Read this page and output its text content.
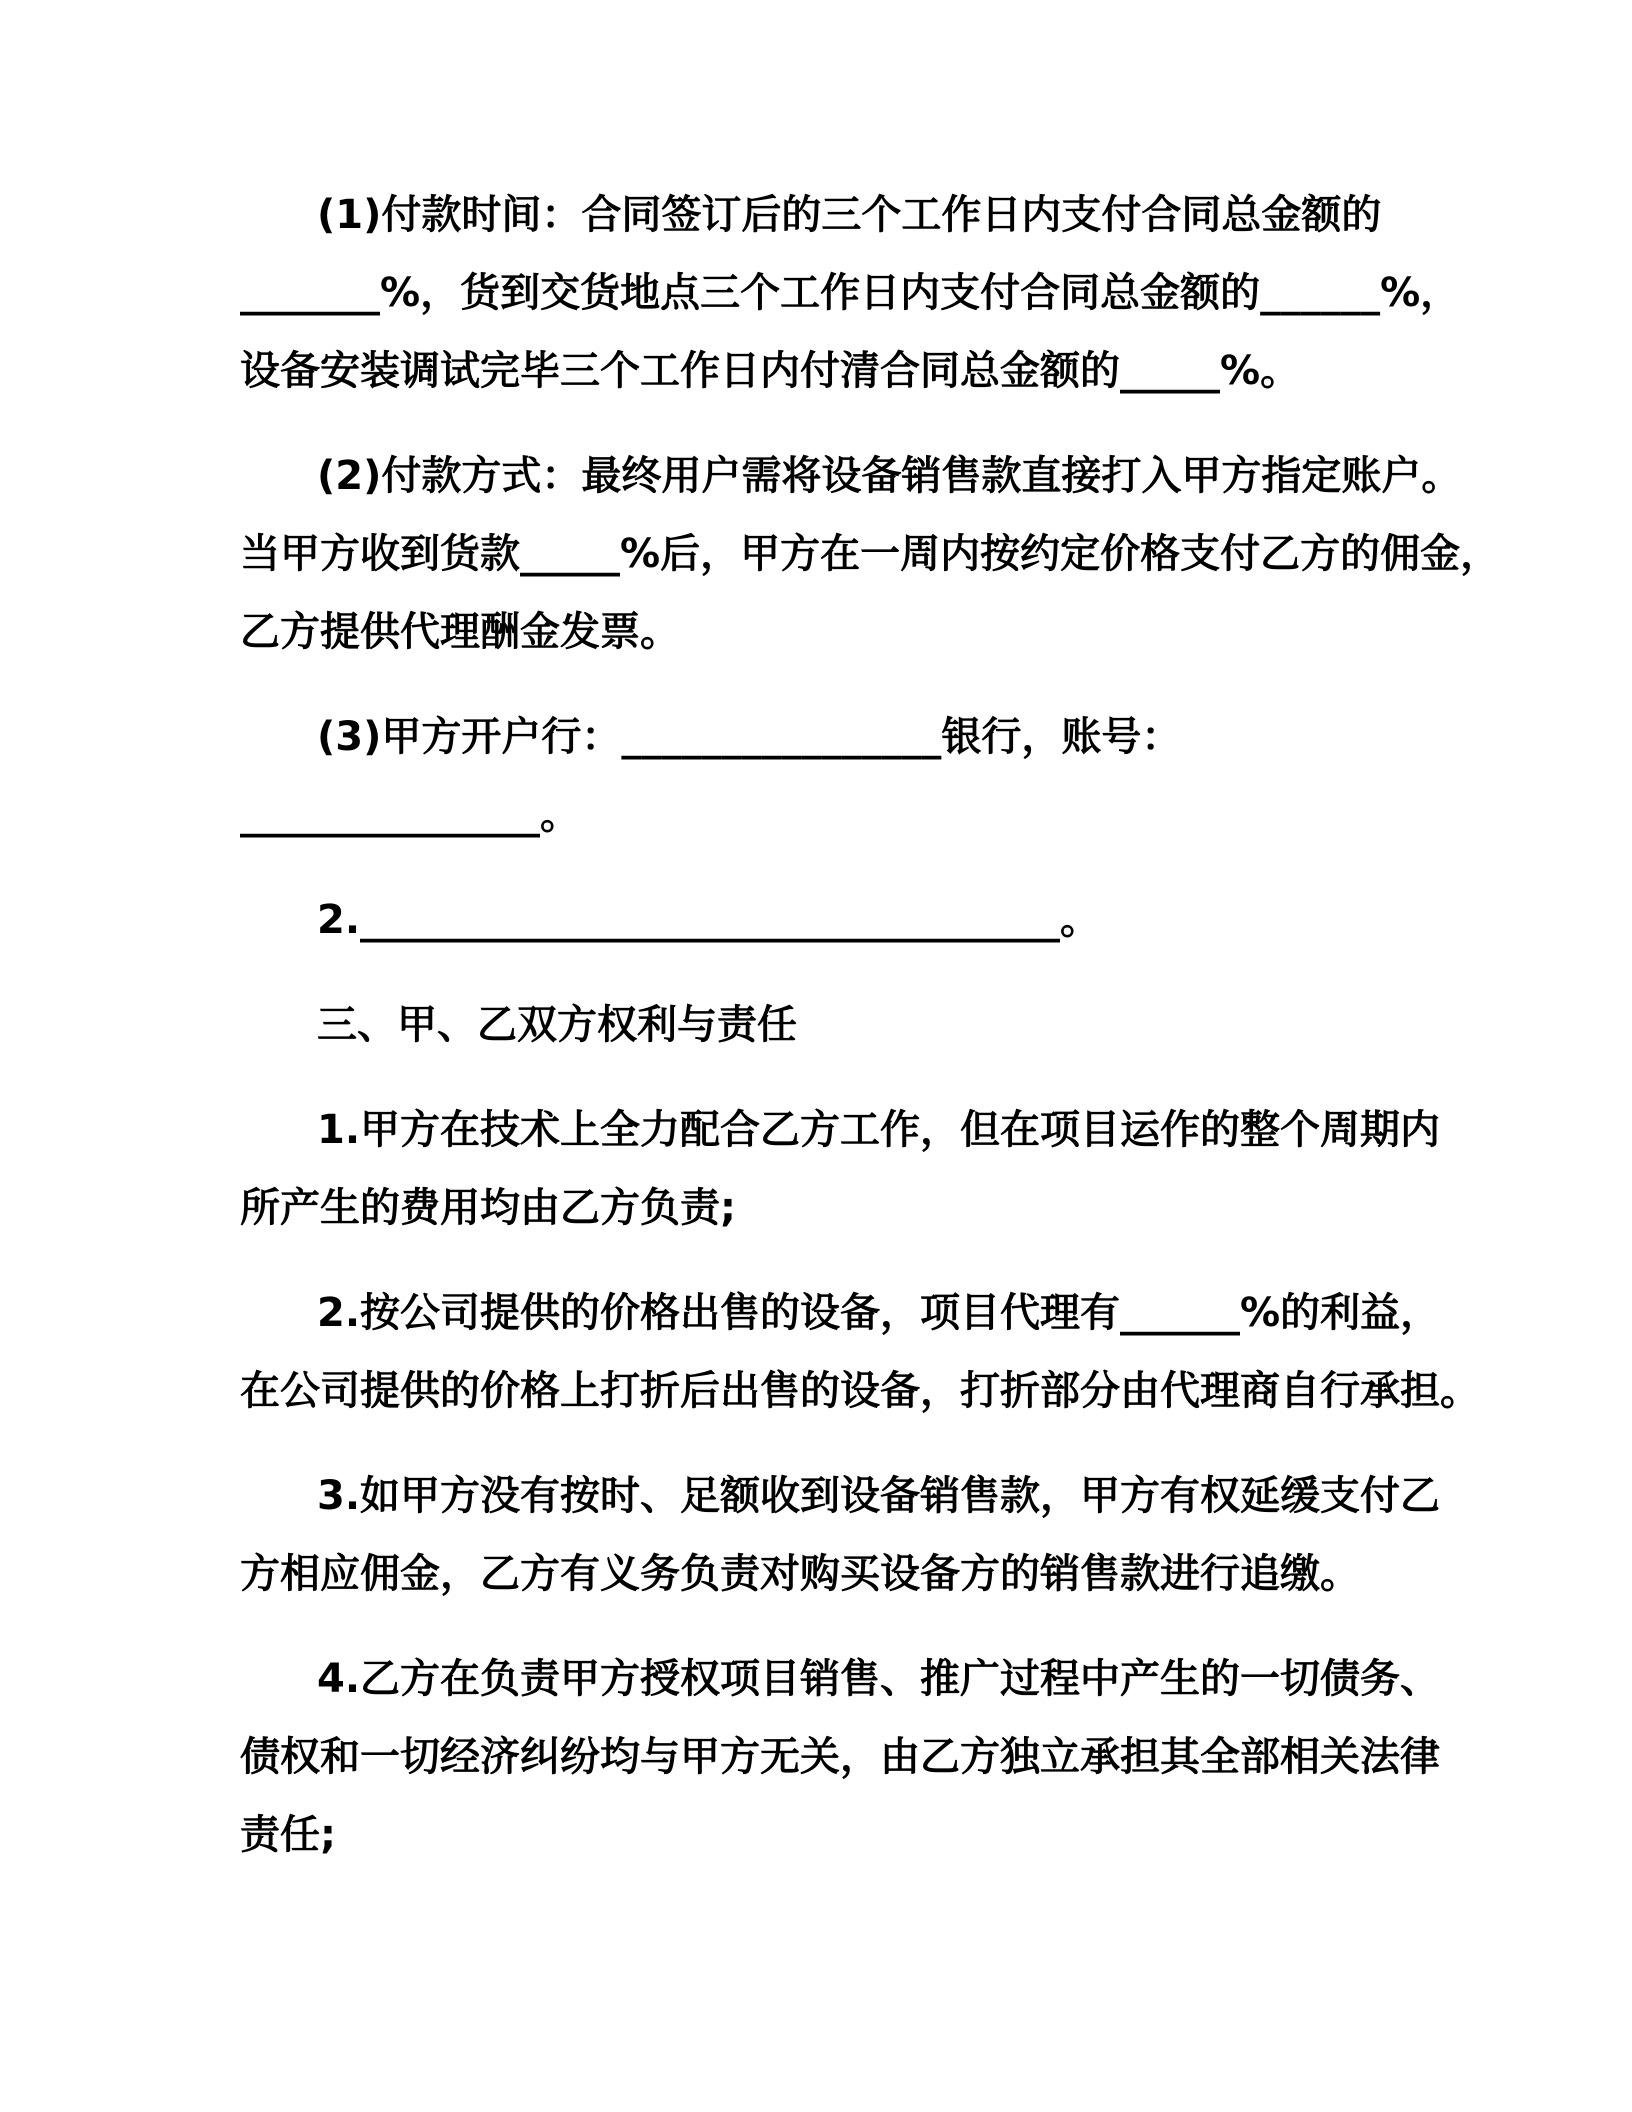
(1)付款时间：合同签订后的三个工作日内支付合同总金额的
_______%，货到交货地点三个工作日内支付合同总金额的______%，
设备安装调试完毕三个工作日内付清合同总金额的_____%。
(2)付款方式：最终用户需将设备销售款直接打入甲方指定账户。
当甲方收到货款_____%后，甲方在一周内按约定价格支付乙方的佣金，
乙方提供代理酬金发票。
(3)甲方开户行：________________银行，账号：
_______________。
2.___________________________________。
三、甲、乙双方权利与责任
1.甲方在技术上全力配合乙方工作，但在项目运作的整个周期内
所产生的费用均由乙方负责;
2.按公司提供的价格出售的设备，项目代理有______%的利益，
在公司提供的价格上打折后出售的设备，打折部分由代理商自行承担。
3.如甲方没有按时、足额收到设备销售款，甲方有权延缓支付乙
方相应佣金，乙方有义务负责对购买设备方的销售款进行追缴。
4.乙方在负责甲方授权项目销售、推广过程中产生的一切债务、
债权和一切经济纠纷均与甲方无关，由乙方独立承担其全部相关法律
责任;
